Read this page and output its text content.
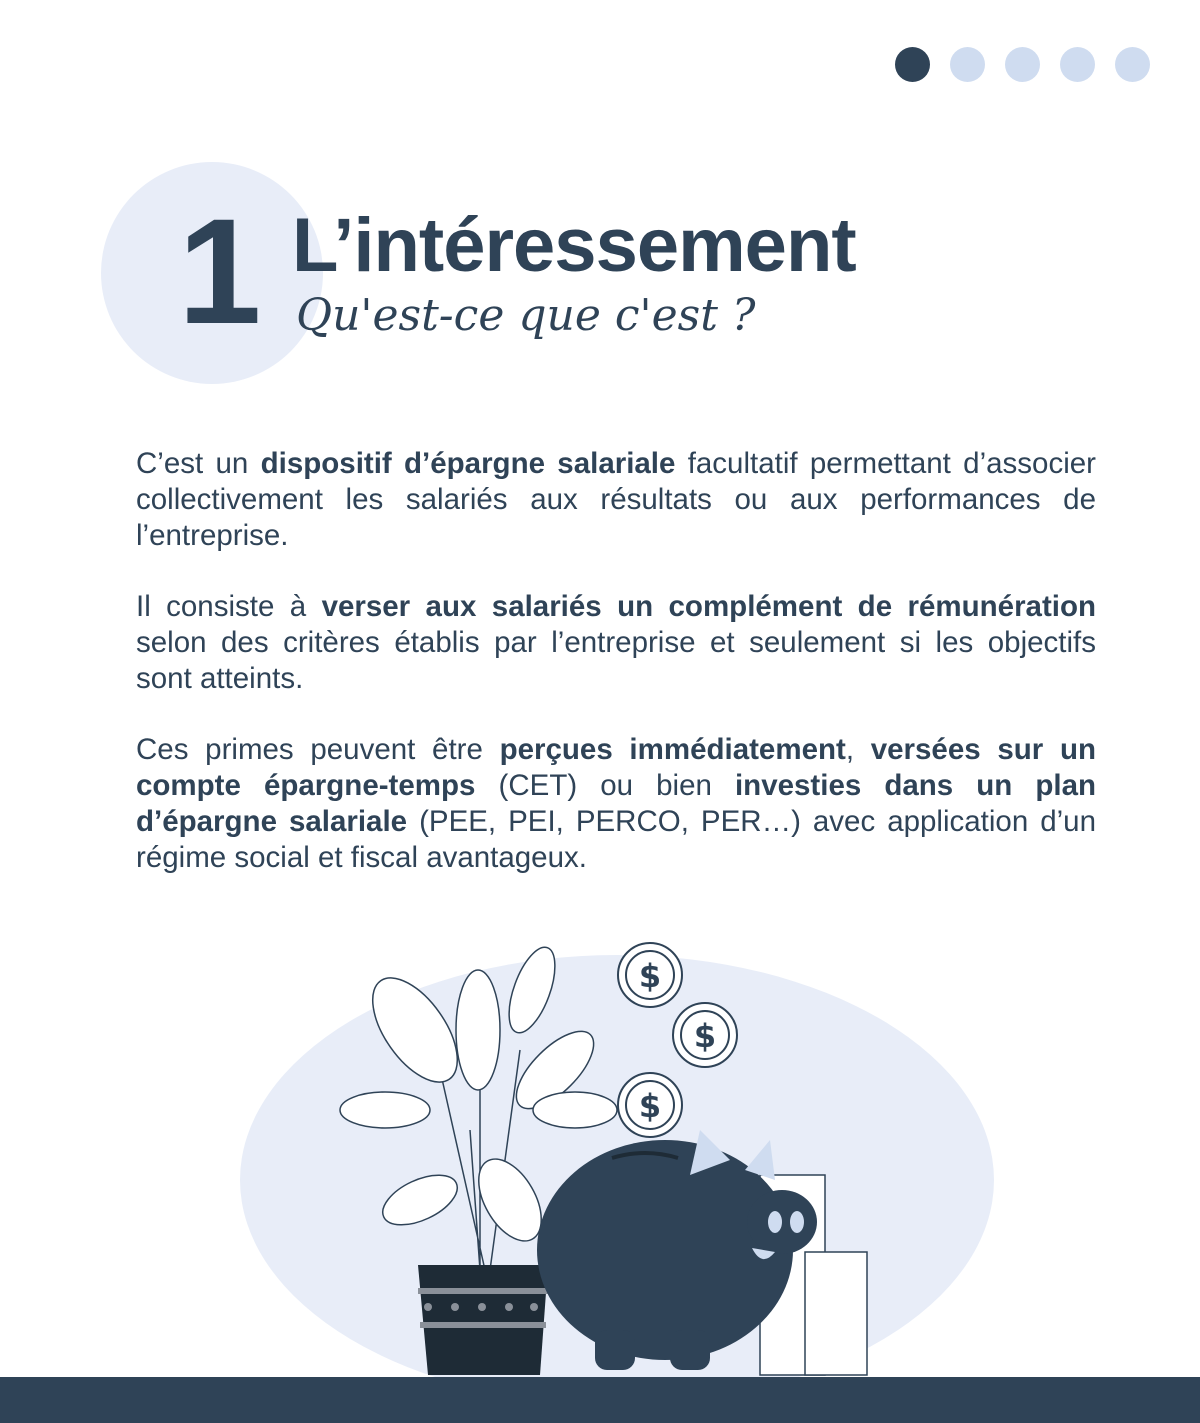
1 L’intéressement
Qu'est-ce que c'est ?

C’est un dispositif d’épargne salariale facultatif permettant d’associer collectivement les salariés aux résultats ou aux performances de l’entreprise.

Il consiste à verser aux salariés un complément de rémunération selon des critères établis par l’entreprise et seulement si les objectifs sont atteints.

Ces primes peuvent être perçues immédiatement, versées sur un compte épargne-temps (CET) ou bien investies dans un plan d’épargne salariale (PEE, PEI, PERCO, PER…) avec application d’un régime social et fiscal avantageux.

$
$
$
